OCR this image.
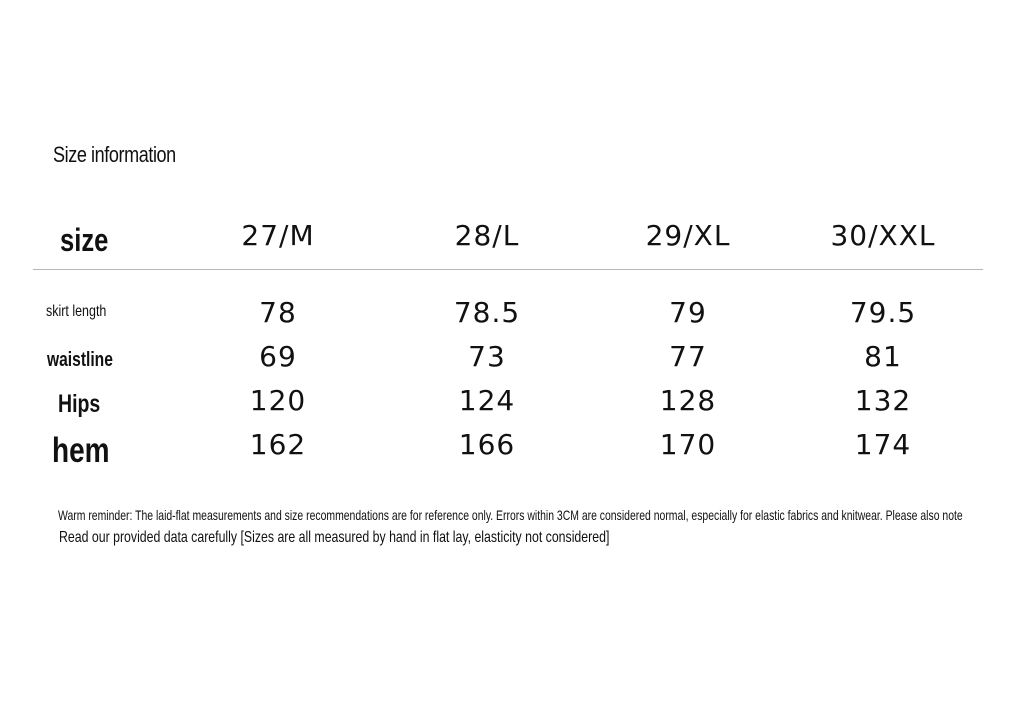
Size information
size	27/M	28/L	29/XL	30/XXL
skirt length	78	78.5	79	79.5
waistline	69	73	77	81
Hips	120	124	128	132
hem	162	166	170	174
Warm reminder: The laid-flat measurements and size recommendations are for reference only. Errors within 3CM are considered normal, especially for elastic fabrics and knitwear. Please also note
Read our provided data carefully [Sizes are all measured by hand in flat lay, elasticity not considered]
